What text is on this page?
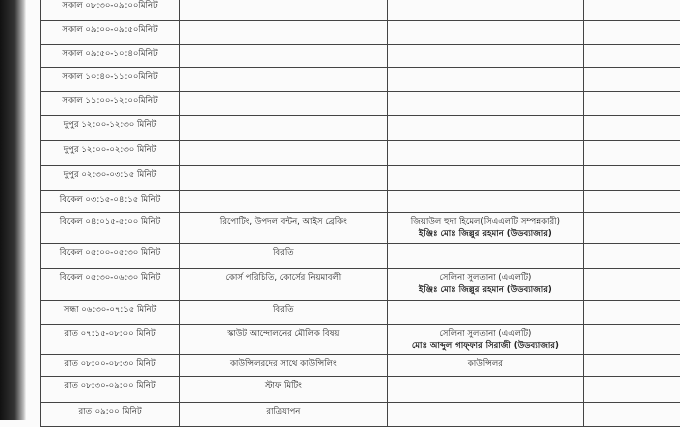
সকাল ০৮:৩০-০৯:০০মিনিট			

সকাল ০৯:০০-০৯:৫০মিনিট			

সকাল ০৯:৫০-১০:৪০মিনিট			

সকাল ১০:৪০-১১:০০মিনিট			

সকাল ১১:০০-১২:০০মিনিট			

দুপুর ১২:০০-১২:৩০ মিনিট			

দুপুর ১২:০০-০২:৩০ মিনিট			

দুপুর ০২:৩০-০৩:১৫ মিনিট			

বিকেল ০৩:১৫-০৪:১৫ মিনিট			

বিকেল ০৪:০১৫-৫:০০ মিনিট	রিপোটিং, উপদল বন্টন, আইস ব্রেকিং	জিয়াউল হুদা হিমেল(সিএএলটি সম্পন্নকারী)
ইঞ্জিঃ মোঃ জিল্লুর রহমান (উডব্যাজার)	

বিকেল ০৫:০০-০৫:৩০ মিনিট	বিরতি		

বিকেল ০৫:৩০-০৬:৩০ মিনিট	কোর্স পরিচিতি, কোর্সের নিয়মাবলী	সেলিনা সুলতানা (এএলটি)
ইঞ্জিঃ মোঃ জিল্লুর রহমান (উডব্যাজার)	

সন্ধা ০৬:৩০-০৭:১৫ মিনিট	বিরতি		

রাত ০৭:১৫-০৮:০০ মিনিট	স্কাউট আন্দোলনের মৌলিক বিষয়	সেলিনা সুলতানা (এএলটি)
মোঃ আব্দুল গাফ্ফার সিরাজী (উডব্যাজার)	

রাত ০৮:০০-০৮:৩০ মিনিট	কাউন্সিলরদের সাথে কাউন্সিলিং	কাউন্সিলর	

রাত ০৮:৩০-০৯:০০ মিনিট	স্টাফ মিটিং		

রাত ০৯:০০ মিনিট	রাত্রিযাপন		
